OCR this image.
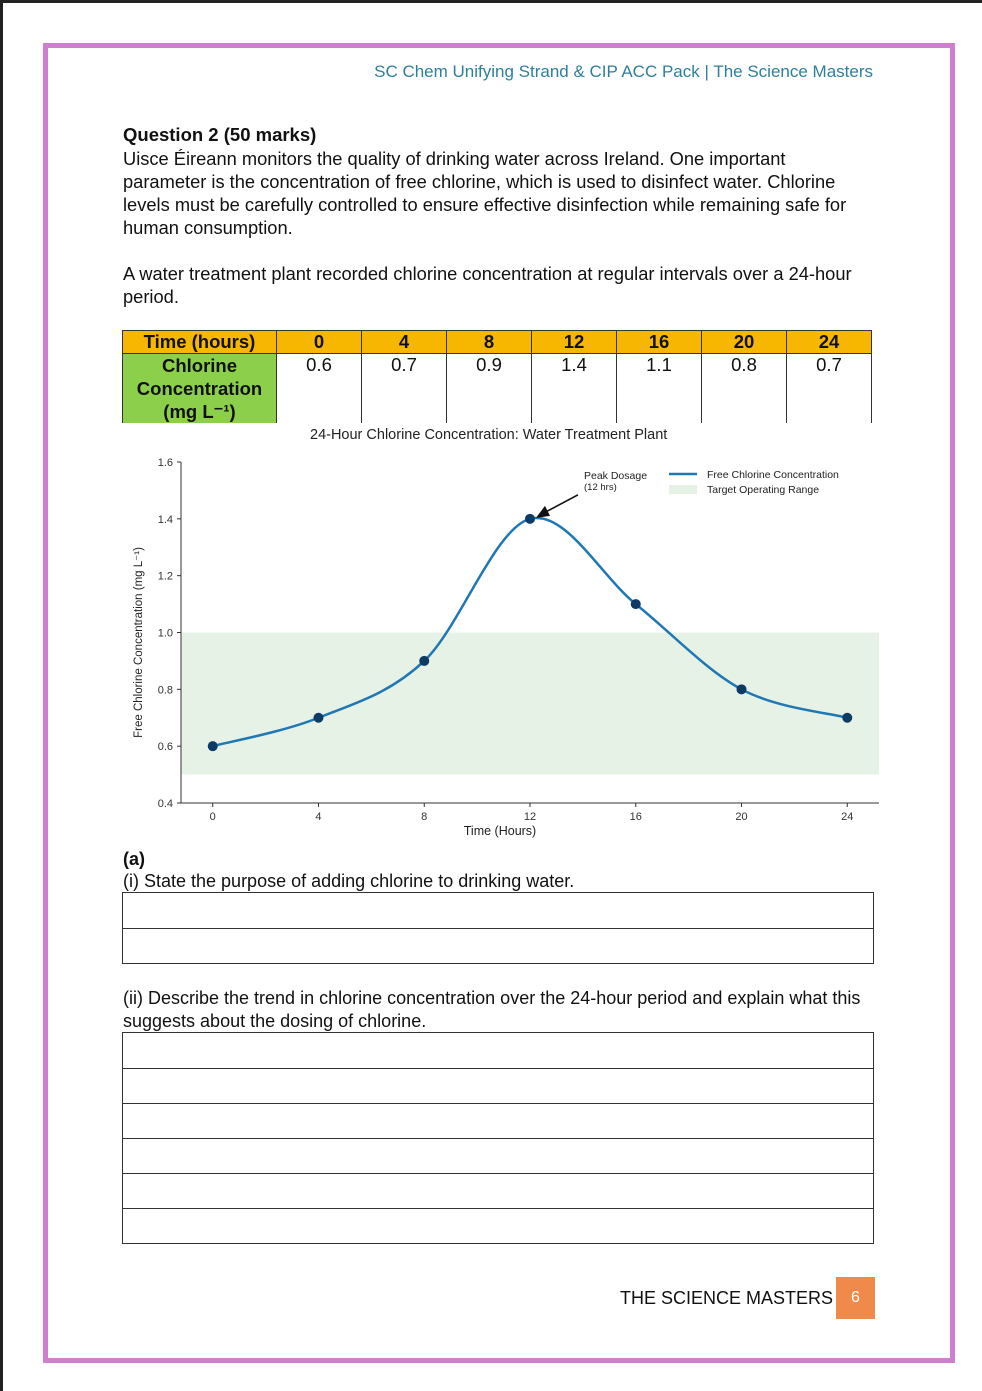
SC Chem Unifying Strand & CIP ACC Pack | The Science Masters
Question 2 (50 marks)
Uisce Éireann monitors the quality of drinking water across Ireland. One important parameter is the concentration of free chlorine, which is used to disinfect water. Chlorine levels must be carefully controlled to ensure effective disinfection while remaining safe for human consumption.
A water treatment plant recorded chlorine concentration at regular intervals over a 24-hour period.
Time (hours)	0	4	8	12	16	20	24

Chlorine
Concentration
(mg L⁻¹)	0.6	0.7	0.9	1.4	1.1	0.8	0.7
24-Hour Chlorine Concentration: Water Treatment Plant
0.4
0.6
0.8
1.0
1.2
1.4
1.6
0	4	8	12	16	20	24
Time (Hours)
Free Chlorine Concentration (mg L⁻¹)
Peak Dosage
(12 hrs)
Free Chlorine Concentration
Target Operating Range
(a)
(i) State the purpose of adding chlorine to drinking water.
(ii) Describe the trend in chlorine concentration over the 24-hour period and explain what this suggests about the dosing of chlorine.
THE SCIENCE MASTERS	6
